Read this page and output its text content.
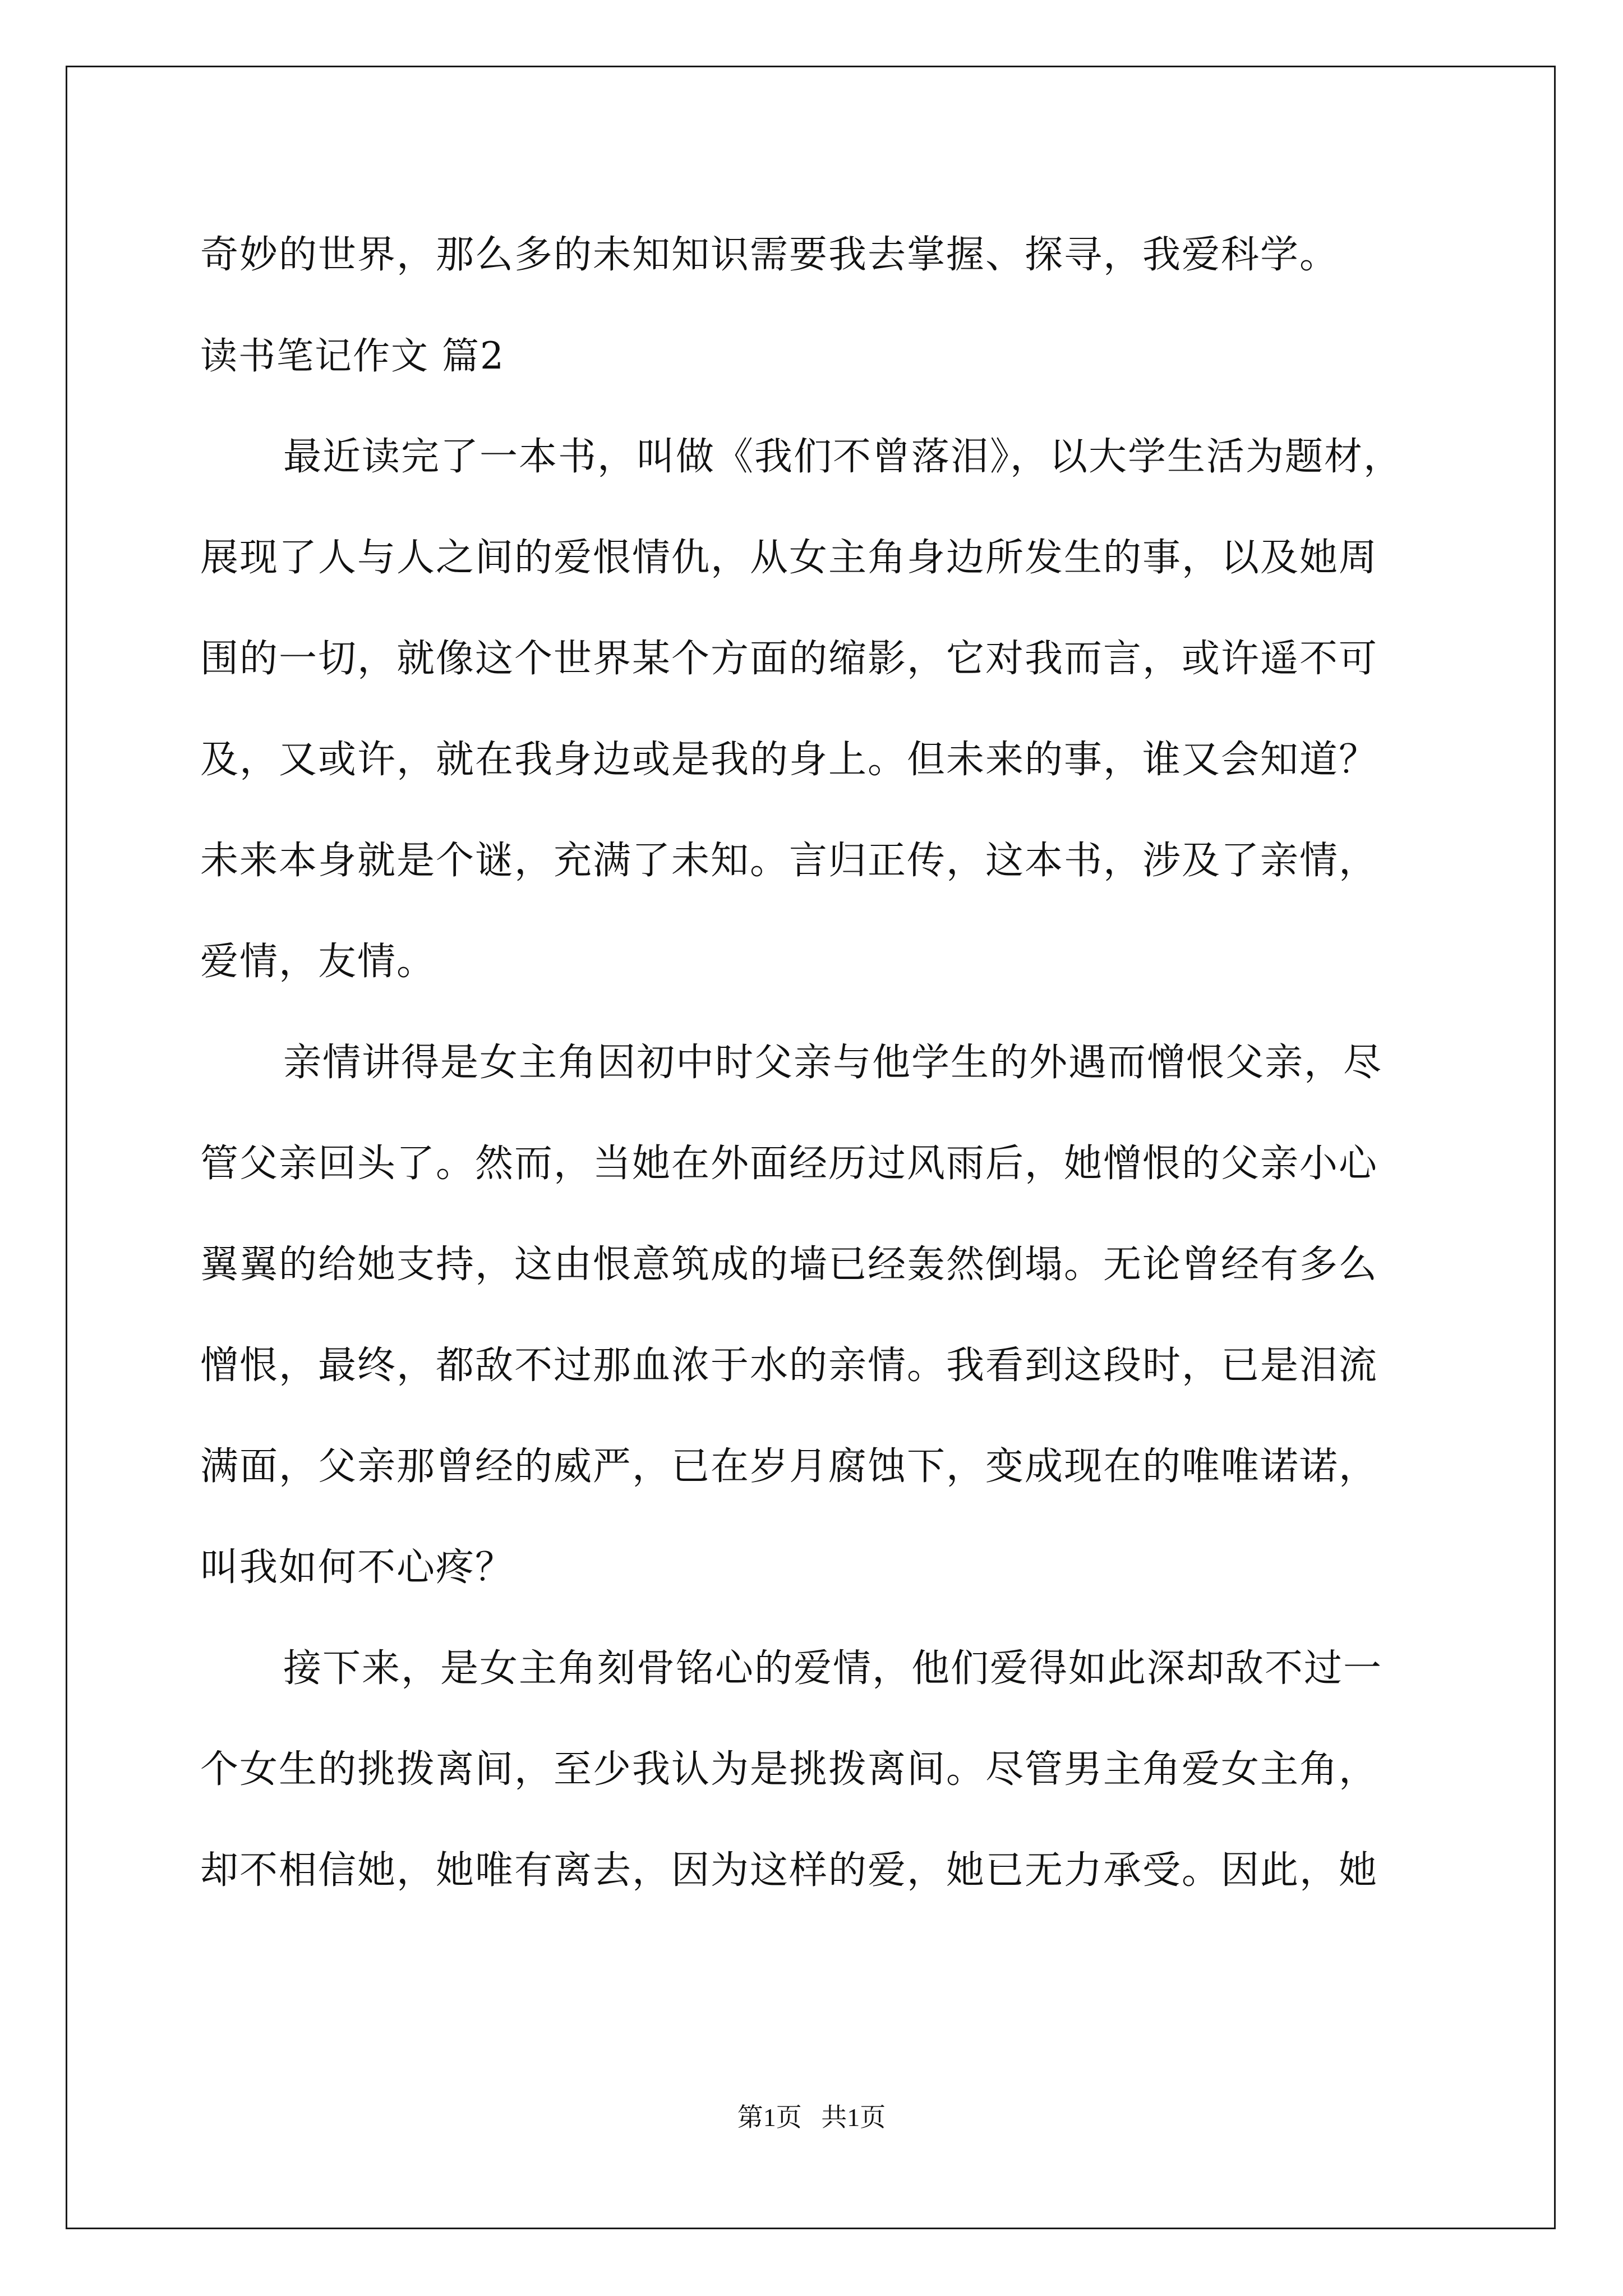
奇妙的世界，那么多的未知知识需要我去掌握、探寻，我爱科学。
读书笔记作文 篇2
最近读完了一本书，叫做《我们不曾落泪》，以大学生活为题材，
展现了人与人之间的爱恨情仇，从女主角身边所发生的事，以及她周
围的一切，就像这个世界某个方面的缩影，它对我而言，或许遥不可
及，又或许，就在我身边或是我的身上。但未来的事，谁又会知道？
未来本身就是个谜，充满了未知。言归正传，这本书，涉及了亲情，
爱情，友情。
亲情讲得是女主角因初中时父亲与他学生的外遇而憎恨父亲，尽
管父亲回头了。然而，当她在外面经历过风雨后，她憎恨的父亲小心
翼翼的给她支持，这由恨意筑成的墙已经轰然倒塌。无论曾经有多么
憎恨，最终，都敌不过那血浓于水的亲情。我看到这段时，已是泪流
满面，父亲那曾经的威严，已在岁月腐蚀下，变成现在的唯唯诺诺，
叫我如何不心疼？
接下来，是女主角刻骨铭心的爱情，他们爱得如此深却敌不过一
个女生的挑拨离间，至少我认为是挑拨离间。尽管男主角爱女主角，
却不相信她，她唯有离去，因为这样的爱，她已无力承受。因此，她
第1页 共1页
